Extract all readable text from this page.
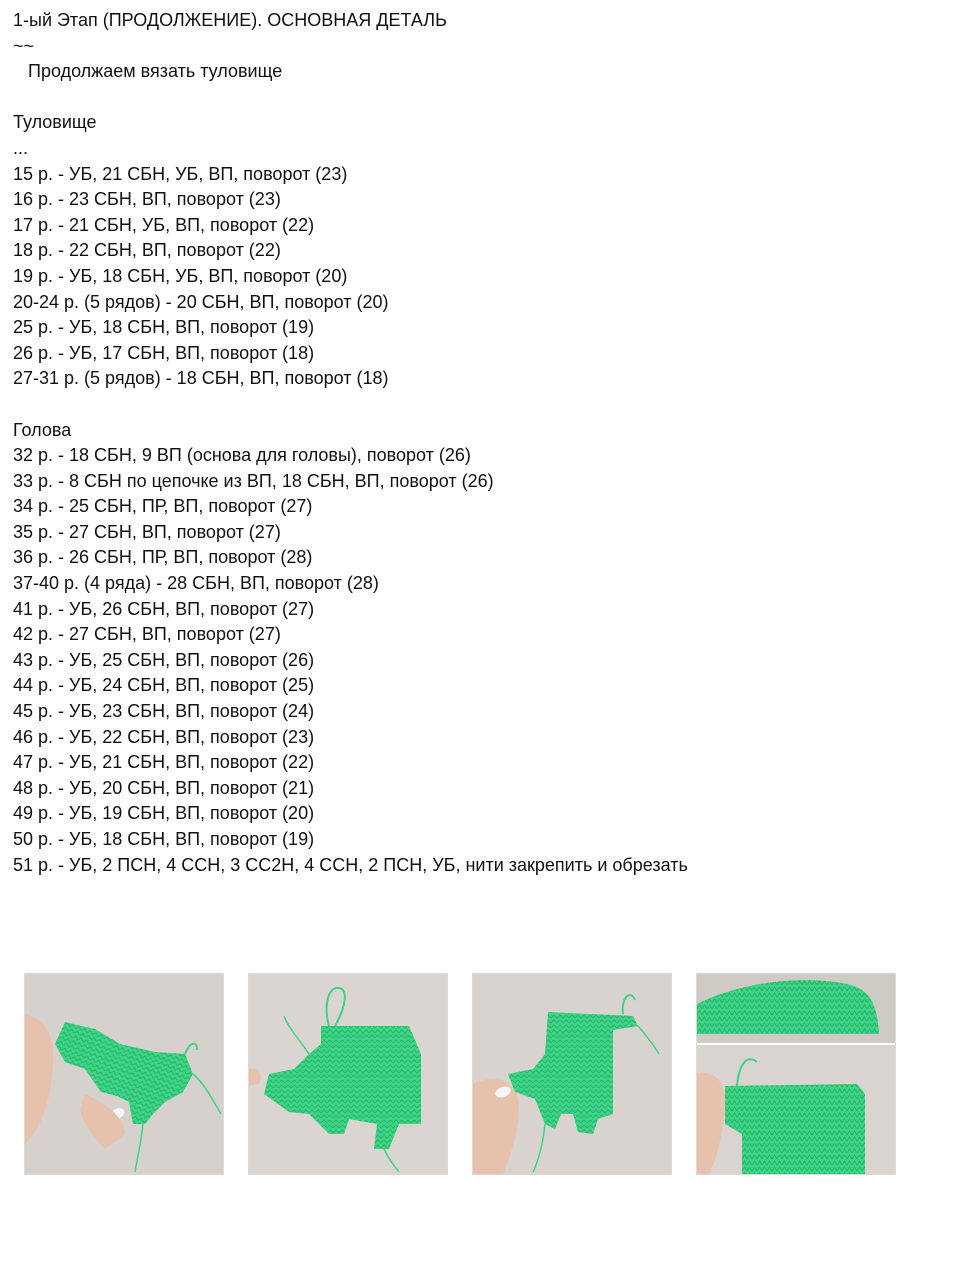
1-ый Этап (ПРОДОЛЖЕНИЕ). ОСНОВНАЯ ДЕТАЛЬ
~~
Продолжаем вязать туловище
Туловище
...
15 р. - УБ, 21 СБН, УБ, ВП, поворот (23)
16 р. - 23 СБН, ВП, поворот (23)
17 р. - 21 СБН, УБ, ВП, поворот (22)
18 р. - 22 СБН, ВП, поворот (22)
19 р. - УБ, 18 СБН, УБ, ВП, поворот (20)
20-24 р. (5 рядов) - 20 СБН, ВП, поворот (20)
25 р. - УБ, 18 СБН, ВП, поворот (19)
26 р. - УБ, 17 СБН, ВП, поворот (18)
27-31 р. (5 рядов) - 18 СБН, ВП, поворот (18)
Голова
32 р. - 18 СБН, 9 ВП (основа для головы), поворот (26)
33 р. - 8 СБН по цепочке из ВП, 18 СБН, ВП, поворот (26)
34 р. - 25 СБН, ПР, ВП, поворот (27)
35 р. - 27 СБН, ВП, поворот (27)
36 р. - 26 СБН, ПР, ВП, поворот (28)
37-40 р. (4 ряда) - 28 СБН, ВП, поворот (28)
41 р. - УБ, 26 СБН, ВП, поворот (27)
42 р. - 27 СБН, ВП, поворот (27)
43 р. - УБ, 25 СБН, ВП, поворот (26)
44 р. - УБ, 24 СБН, ВП, поворот (25)
45 р. - УБ, 23 СБН, ВП, поворот (24)
46 р. - УБ, 22 СБН, ВП, поворот (23)
47 р. - УБ, 21 СБН, ВП, поворот (22)
48 р. - УБ, 20 СБН, ВП, поворот (21)
49 р. - УБ, 19 СБН, ВП, поворот (20)
50 р. - УБ, 18 СБН, ВП, поворот (19)
51 р. - УБ, 2 ПСН, 4 ССН, 3 СС2Н, 4 ССН, 2 ПСН, УБ, нити закрепить и обрезать
